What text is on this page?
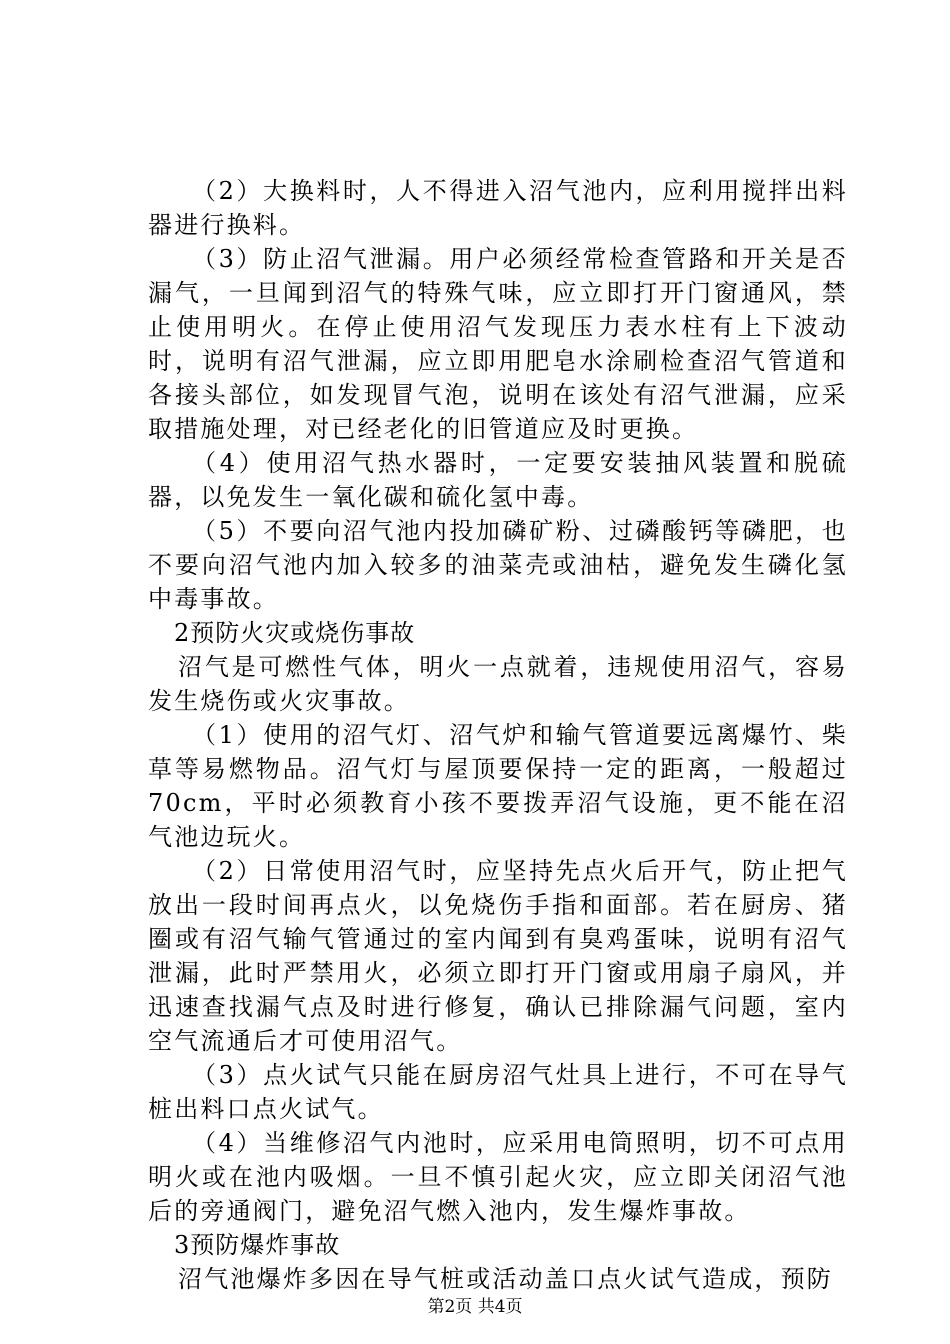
（2）大换料时，人不得进入沼气池内，应利用搅拌出料器进行换料。

（3）防止沼气泄漏。用户必须经常检查管路和开关是否漏气，一旦闻到沼气的特殊气味，应立即打开门窗通风，禁止使用明火。在停止使用沼气发现压力表水柱有上下波动时，说明有沼气泄漏，应立即用肥皂水涂刷检查沼气管道和各接头部位，如发现冒气泡，说明在该处有沼气泄漏，应采取措施处理，对已经老化的旧管道应及时更换。

（4）使用沼气热水器时，一定要安装抽风装置和脱硫器，以免发生一氧化碳和硫化氢中毒。

（5）不要向沼气池内投加磷矿粉、过磷酸钙等磷肥，也不要向沼气池内加入较多的油菜壳或油枯，避免发生磷化氢中毒事故。

2预防火灾或烧伤事故

沼气是可燃性气体，明火一点就着，违规使用沼气，容易发生烧伤或火灾事故。

（1）使用的沼气灯、沼气炉和输气管道要远离爆竹、柴草等易燃物品。沼气灯与屋顶要保持一定的距离，一般超过70cm，平时必须教育小孩不要拨弄沼气设施，更不能在沼气池边玩火。

（2）日常使用沼气时，应坚持先点火后开气，防止把气放出一段时间再点火，以免烧伤手指和面部。若在厨房、猪圈或有沼气输气管通过的室内闻到有臭鸡蛋味，说明有沼气泄漏，此时严禁用火，必须立即打开门窗或用扇子扇风，并迅速查找漏气点及时进行修复，确认已排除漏气问题，室内空气流通后才可使用沼气。

（3）点火试气只能在厨房沼气灶具上进行，不可在导气桩出料口点火试气。

（4）当维修沼气内池时，应采用电筒照明，切不可点用明火或在池内吸烟。一旦不慎引起火灾，应立即关闭沼气池后的旁通阀门，避免沼气燃入池内，发生爆炸事故。

3预防爆炸事故

沼气池爆炸多因在导气桩或活动盖口点火试气造成，预防

第2页 共4页
